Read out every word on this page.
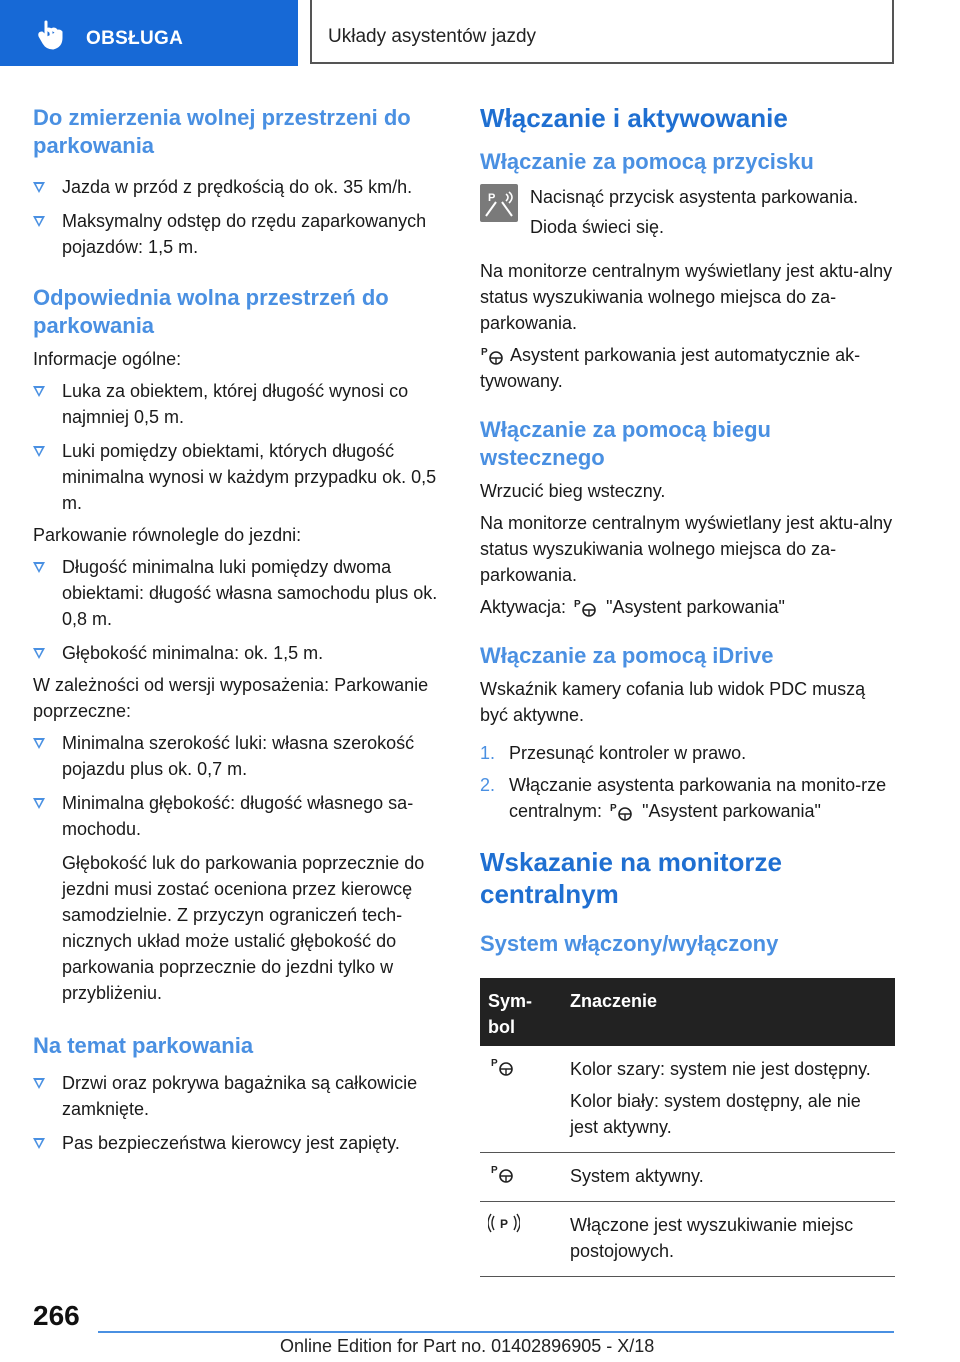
OBSŁUGA	Układy asystentów jazdy
Do zmierzenia wolnej przestrzeni do parkowania
Jazda w przód z prędkością do ok. 35 km/h.
Maksymalny odstęp do rzędu zaparkowanych pojazdów: 1,5 m.
Odpowiednia wolna przestrzeń do parkowania

Informacje ogólne:

Luka za obiektem, której długość wynosi co najmniej 0,5 m.
Luki pomiędzy obiektami, których długość minimalna wynosi w każdym przypadku ok. 0,5 m.

Parkowanie równolegle do jezdni:

Długość minimalna luki pomiędzy dwoma obiektami: długość własna samochodu plus ok. 0,8 m.
Głębokość minimalna: ok. 1,5 m.

W zależności od wersji wyposażenia: Parkowanie poprzeczne:

Minimalna szerokość luki: własna szerokość pojazdu plus ok. 0,7 m.
Minimalna głębokość: długość własnego sa-mochodu.

Głębokość luk do parkowania poprzecznie do jezdni musi zostać oceniona przez kierowcę samodzielnie. Z przyczyn ograniczeń tech-nicznych układ może ustalić głębokość do parkowania poprzecznie do jezdni tylko w przybliżeniu.

Na temat parkowania
Drzwi oraz pokrywa bagażnika są całkowicie zamknięte.
Pas bezpieczeństwa kierowcy jest zapięty.
Włączanie i aktywowanie
Włączanie za pomocą przycisku
P Nacisnąć przycisk asystenta parkowania.

Dioda świeci się.

Na monitorze centralnym wyświetlany jest aktu-alny status wyszukiwania wolnego miejsca do za-parkowania.

P Asystent parkowania jest automatycznie ak-tywowany.

Włączanie za pomocą biegu wstecznego

Wrzucić bieg wsteczny.

Na monitorze centralnym wyświetlany jest aktu-alny status wyszukiwania wolnego miejsca do za-parkowania.

Aktywacja: P "Asystent parkowania"

Włączanie za pomocą iDrive

Wskaźnik kamery cofania lub widok PDC muszą być aktywne.

1. Przesunąć kontroler w prawo.
2. Włączanie asystenta parkowania na monito-rze centralnym: P "Asystent parkowania"
Wskazanie na monitorze centralnym
System włączony/wyłączony
Sym-bol	Znaczenie

P	Kolor szary: system nie jest dostępny.

Kolor biały: system dostępny, ale nie jest aktywny.

P	System aktywny.

P	Włączone jest wyszukiwanie miejsc postojowych.

266
Online Edition for Part no. 01402896905 - X/18
